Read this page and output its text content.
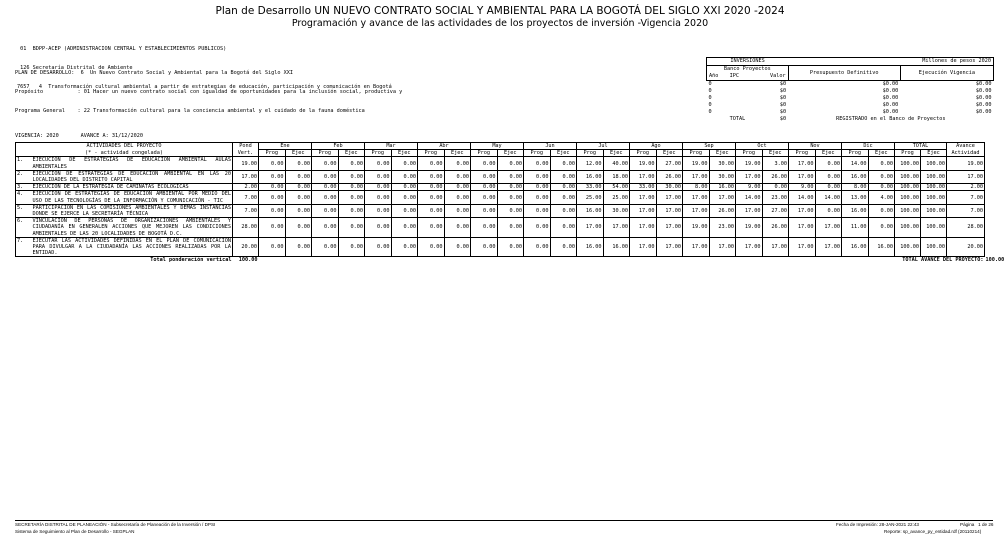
Plan de Desarrollo UN NUEVO CONTRATO SOCIAL Y AMBIENTAL PARA LA BOGOTÁ DEL SIGLO XXI 2020 -2024
Programación y avance de las actividades de los proyectos de inversión -Vigencia 2020

01  BDPP-ACEP (ADMINISTRACION CENTRAL Y ESTABLECIMIENTOS PUBLICOS)

126 Secretaría Distrital de Ambiente

7657   4  Transformación cultural ambiental a partir de estrategias de educación, participación y comunicación en Bogotá

PLAN DE DESARROLLO:  6  Un Nuevo Contrato Social y Ambiental para la Bogotá del Siglo XXI

Propósito           : 01 Hacer un nuevo contrato social con igualdad de oportunidades para la inclusión social, productiva y

Programa General    : 22 Transformación cultural para la conciencia ambiental y el cuidado de la fauna doméstica

INVERSIONES			Millones de pesos 2020	
Banco Proyectos			Presupuesto Definitivo	Ejecución Vigencia
Año	IPC	Valor		
0		$0	$0.00	$0.00
0		$0	$0.00	$0.00
0		$0	$0.00	$0.00
0		$0	$0.00	$0.00
0		$0	$0.00	$0.00
	TOTAL	$0	REGISTRADO en el Banco de Proyectos	
VIGENCIA: 2020       AVANCE A: 31/12/2020
ACTIVIDADES DEL PROYECTO		Pond	Ene		Feb		Mar		Abr		May		Jun		Jul		Ago		Sep		Oct		Nov		Dic		TOTAL		Avance	
(* - actividad congelada)		Vert.	Prog	Ejec	Prog	Ejec	Prog	Ejec	Prog	Ejec	Prog	Ejec	Prog	Ejec	Prog	Ejec	Prog	Ejec	Prog	Ejec	Prog	Ejec	Prog	Ejec	Prog	Ejec	Prog	Ejec	Actividad	
1.	EJECUCIÓN DE ESTRATEGIAS DE EDUCACIÓN AMBIENTAL AULAS AMBIENTALES	19.00	0.00	0.00	0.00	0.00	0.00	0.00	0.00	0.00	0.00	0.00	0.00	0.00	12.00	40.00	19.00	27.00	19.00	30.00	19.00	3.00	17.00	0.00	14.00	0.00	100.00	100.00	19.00	
2.	EJECUCIÓN DE ESTRATEGIAS DE EDUCACIÓN AMBIENTAL EN LAS 20 LOCALIDADES DEL DISTRITO CAPITAL	17.00	0.00	0.00	0.00	0.00	0.00	0.00	0.00	0.00	0.00	0.00	0.00	0.00	16.00	18.00	17.00	26.00	17.00	30.00	17.00	26.00	17.00	0.00	16.00	0.00	100.00	100.00	17.00	
3.	EJECUCIÓN DE LA ESTRATEGIA DE CAMINATAS ECOLÓGICAS	2.00	0.00	0.00	0.00	0.00	0.00	0.00	0.00	0.00	0.00	0.00	0.00	0.00	33.00	54.00	33.00	30.00	8.00	16.00	9.00	0.00	9.00	0.00	8.00	0.00	100.00	100.00	2.00	
4.	EJECUCIÓN DE ESTRATEGIAS DE EDUCACIÓN AMBIENTAL POR MEDIO DEL USO DE LAS TECNOLOGÍAS DE LA INFORMACIÓN Y COMUNICACIÓN - TIC	7.00	0.00	0.00	0.00	0.00	0.00	0.00	0.00	0.00	0.00	0.00	0.00	0.00	25.00	25.00	17.00	17.00	17.00	17.00	14.00	23.00	14.00	14.00	13.00	4.00	100.00	100.00	7.00	
5.	PARTICIPACIÓN EN LAS COMISIONES AMBIENTALES Y DEMÁS INSTANCIAS DONDE SE EJERCE LA SECRETARÍA TÉCNICA	7.00	0.00	0.00	0.00	0.00	0.00	0.00	0.00	0.00	0.00	0.00	0.00	0.00	16.00	30.00	17.00	17.00	17.00	26.00	17.00	27.00	17.00	0.00	16.00	0.00	100.00	100.00	7.00	
6.	VINCULACIÓN DE PERSONAS DE ORGANIZACIONES AMBIENTALES Y CIUDADANÍA EN GENERALEN ACCIONES QUE MEJOREN LAS CONDICIONES AMBIENTALES DE LAS 20 LOCALIDADES DE BOGOTÁ D.C.	28.00	0.00	0.00	0.00	0.00	0.00	0.00	0.00	0.00	0.00	0.00	0.00	0.00	17.00	17.00	17.00	17.00	19.00	23.00	19.00	26.00	17.00	17.00	11.00	0.00	100.00	100.00	28.00	
7.	EJECUTAR LAS ACTIVIDADES DEFINIDAS EN EL PLAN DE COMUNICACIÓN PARA DIVULGAR A LA CIUDADANÍA LAS ACCIONES REALIZADAS POR LA ENTIDAD.	20.00	0.00	0.00	0.00	0.00	0.00	0.00	0.00	0.00	0.00	0.00	0.00	0.00	16.00	16.00	17.00	17.00	17.00	17.00	17.00	17.00	17.00	17.00	16.00	16.00	100.00	100.00	20.00	
Total ponderación vertical		100.00	TOTAL AVANCE DEL PROYECTO:																											100.00
SECRETARÍA DISTRITAL DE PLANEACIÓN - Subsecretaría de Planeación de la Inversión / DPSI
Sistema de Seguimiento al Plan de Desarrollo - SEGPLAN
Fecha de Impresión: 28-JAN-2021 22:43	Página   1 de 26
Reporte: sp_avance_py_entidad.rdf (20110214)
